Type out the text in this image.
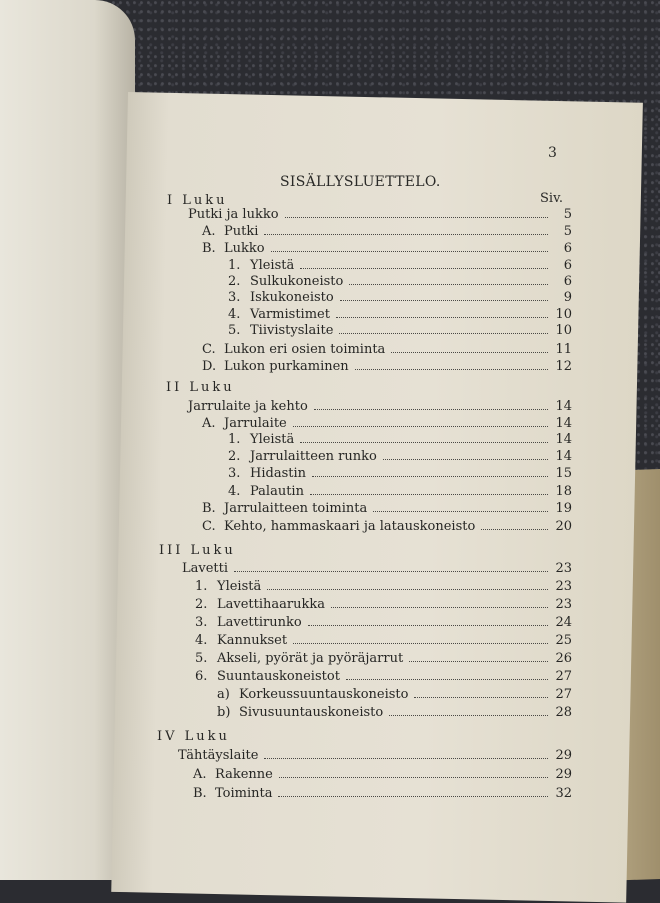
3
SISÄLLYSLUETTELO.
Siv.
I Luku
Putki ja lukko	5
A. Putki	5
B. Lukko	6
1. Yleistä	6
2. Sulkukoneisto	6
3. Iskukoneisto	9
4. Varmistimet	10
5. Tiivistyslaite	10
C. Lukon eri osien toiminta	11
D. Lukon purkaminen	12
II Luku
Jarrulaite ja kehto	14
A. Jarrulaite	14
1. Yleistä	14
2. Jarrulaitteen runko	14
3. Hidastin	15
4. Palautin	18
B. Jarrulaitteen toiminta	19
C. Kehto, hammaskaari ja latauskoneisto	20
III Luku
Lavetti	23
1. Yleistä	23
2. Lavettihaarukka	23
3. Lavettirunko	24
4. Kannukset	25
5. Akseli, pyörät ja pyöräjarrut	26
6. Suuntauskoneistot	27
a) Korkeussuuntauskoneisto	27
b) Sivusuuntauskoneisto	28
IV Luku
Tähtäyslaite	29
A. Rakenne	29
B. Toiminta	32
